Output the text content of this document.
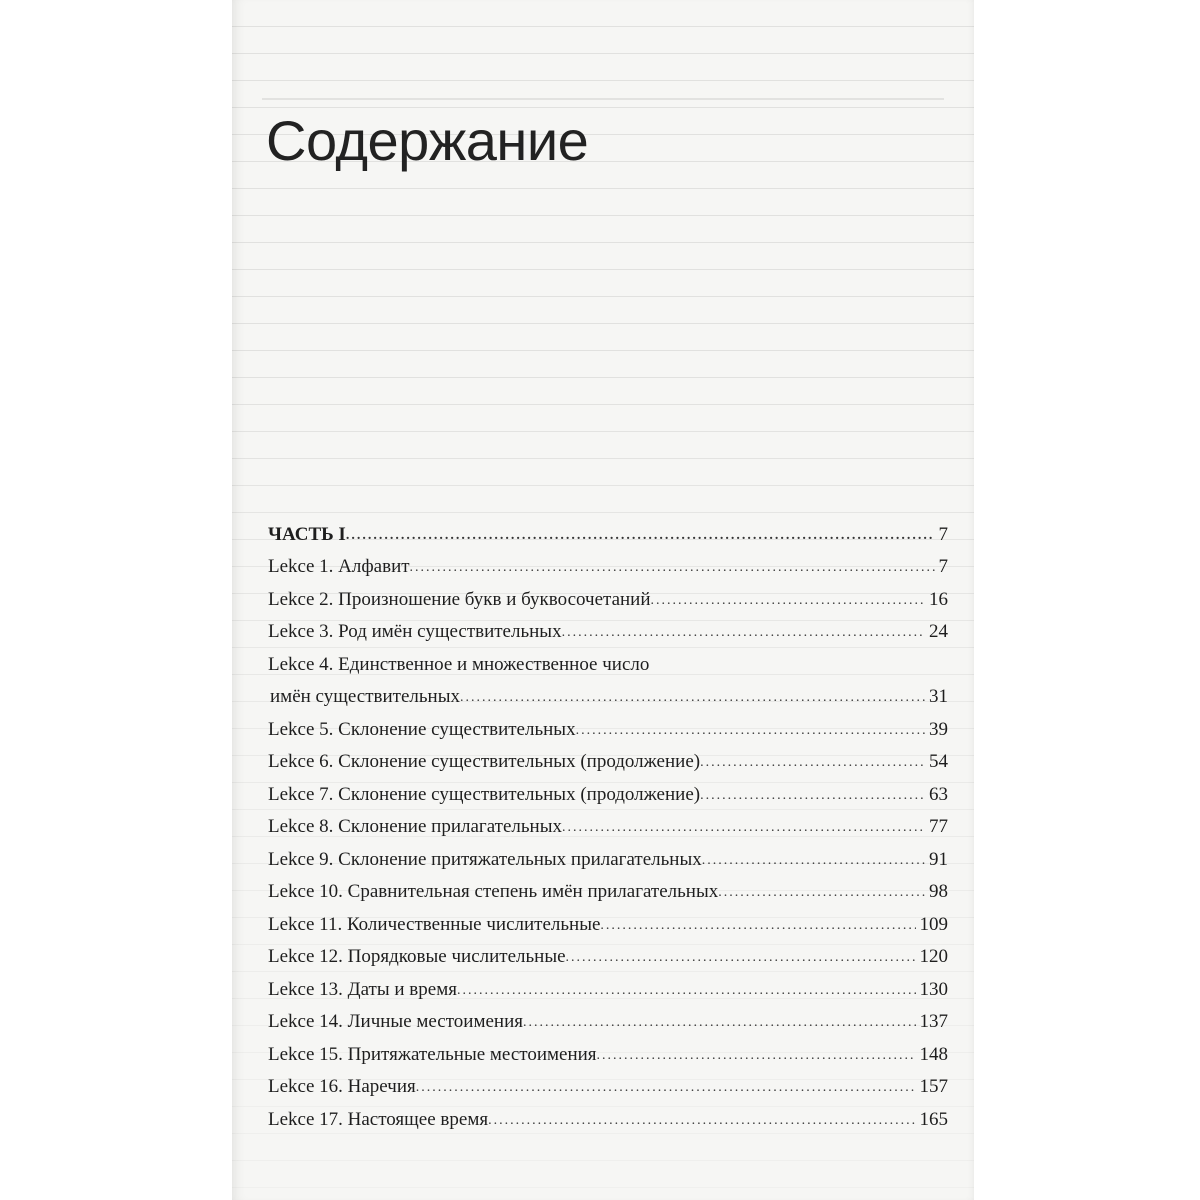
Содержание
ЧАСТЬ I .....	7
Lekce 1. Алфавит .....	7
Lekce 2. Произношение букв и буквосочетаний .....	16
Lekce 3. Род имён существительных .....	24
Lekce 4. Единственное и множественное число
имён существительных .....	31
Lekce 5. Склонение существительных .....	39
Lekce 6. Склонение существительных (продолжение) .....	54
Lekce 7. Склонение существительных (продолжение) .....	63
Lekce 8. Склонение прилагательных .....	77
Lekce 9. Склонение притяжательных прилагательных .....	91
Lekce 10. Сравнительная степень имён прилагательных .....	98
Lekce 11. Количественные числительные .....	109
Lekce 12. Порядковые числительные .....	120
Lekce 13. Даты и время .....	130
Lekce 14. Личные местоимения .....	137
Lekce 15. Притяжательные местоимения .....	148
Lekce 16. Наречия .....	157
Lekce 17. Настоящее время .....	165
